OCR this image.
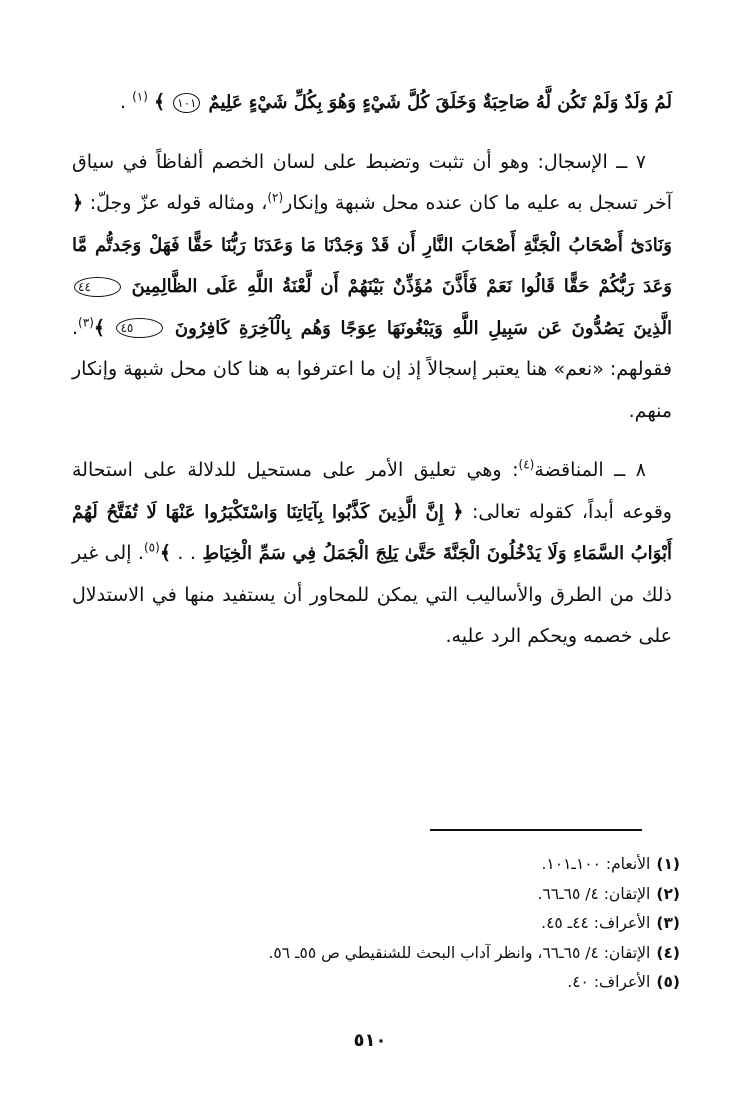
لَمُ وَلَدٌ وَلَمْ تَكُن لَّهُ صَاحِبَةٌ وَخَلَقَ كُلَّ شَيْءٍ وَهُوَ بِكُلِّ شَيْءٍ عَلِيمٌ ١٠١ ﴾ $^{(١)}$ .

٧ ــ الإسجال: وهو أن تثبت وتضبط على لسان الخصم ألفاظاً في سياق آخر تسجل به عليه ما كان عنده محل شبهة وإنكار$^{(٢)}$، ومثاله قوله عزّ وجلّ: ﴿ وَنَادَىٰٓ أَصْحَابُ الْجَنَّةِ أَصْحَابَ النَّارِ أَن قَدْ وَجَدْنَا مَا وَعَدَنَا رَبُّنَا حَقًّا فَهَلْ وَجَدتُّم مَّا وَعَدَ رَبُّكُمْ حَقًّا قَالُوا نَعَمْ فَأَذَّنَ مُؤَذِّنٌ بَيْنَهُمْ أَن لَّعْنَةُ اللَّهِ عَلَى الظَّالِمِينَ ٤٤ الَّذِينَ يَصُدُّونَ عَن سَبِيلِ اللَّهِ وَيَبْغُونَهَا عِوَجًا وَهُم بِالْآخِرَةِ كَافِرُونَ ٤٥ ﴾$^{(٣)}$. فقولهم: «نعم» هنا يعتبر إسجالاً إذ إن ما اعترفوا به هنا كان محل شبهة وإنكار منهم.

٨ ــ المناقضة$^{(٤)}$: وهي تعليق الأمر على مستحيل للدلالة على استحالة وقوعه أبداً، كقوله تعالى: ﴿ إِنَّ الَّذِينَ كَذَّبُوا بِآيَاتِنَا وَاسْتَكْبَرُوا عَنْهَا لَا تُفَتَّحُ لَهُمْ أَبْوَابُ السَّمَاءِ وَلَا يَدْخُلُونَ الْجَنَّةَ حَتَّىٰ يَلِجَ الْجَمَلُ فِي سَمِّ الْخِيَاطِ . . ﴾$^{(٥)}$. إلى غير ذلك من الطرق والأساليب التي يمكن للمحاور أن يستفيد منها في الاستدلال على خصمه ويحكم الرد عليه.

(١)الأنعام: ١٠٠ـ١٠١.
(٢)الإتقان: ٤/ ٦٥ـ٦٦.
(٣)الأعراف: ٤٤ـ ٤٥.
(٤)الإتقان: ٤/ ٦٥ـ٦٦، وانظر آداب البحث للشنقيطي ص ٥٥ـ ٥٦.
(٥)الأعراف: ٤٠.
٥١٠
